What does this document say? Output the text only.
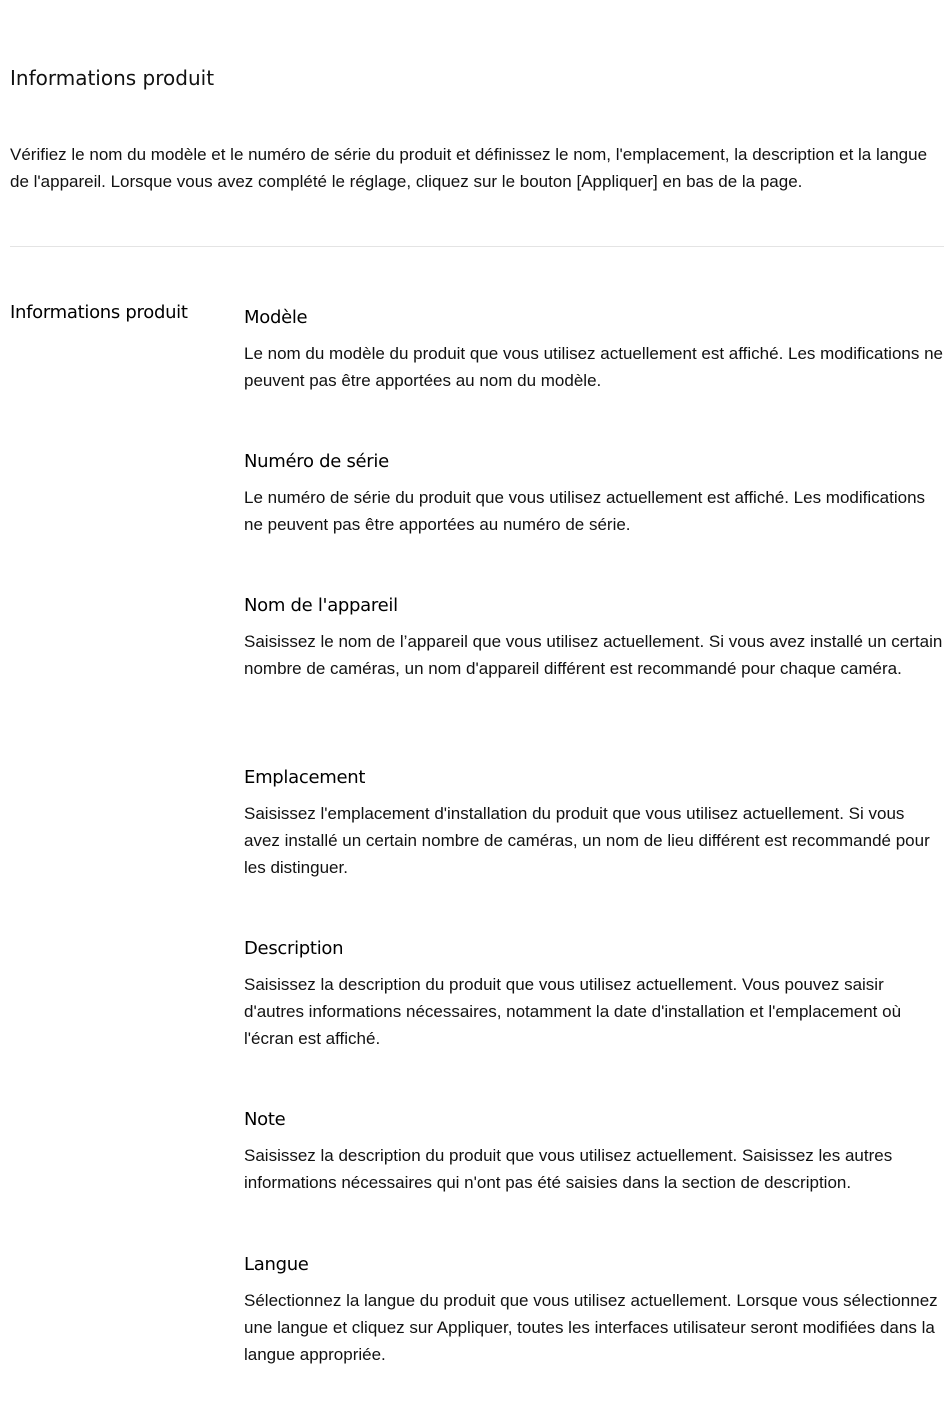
Informations produit

Vérifiez le nom du modèle et le numéro de série du produit et définissez le nom, l'emplacement, la description et la langue de l'appareil. Lorsque vous avez complété le réglage, cliquez sur le bouton [Appliquer] en bas de la page.

Informations produit	Modèle

Le nom du modèle du produit que vous utilisez actuellement est affiché. Les modifications ne peuvent pas être apportées au nom du modèle.

Numéro de série

Le numéro de série du produit que vous utilisez actuellement est affiché. Les modifications ne peuvent pas être apportées au numéro de série.

Nom de l'appareil

Saisissez le nom de l’appareil que vous utilisez actuellement. Si vous avez installé un certain nombre de caméras, un nom d'appareil différent est recommandé pour chaque caméra.

Emplacement

Saisissez l'emplacement d'installation du produit que vous utilisez actuellement. Si vous avez installé un certain nombre de caméras, un nom de lieu différent est recommandé pour les distinguer.

Description

Saisissez la description du produit que vous utilisez actuellement. Vous pouvez saisir d'autres informations nécessaires, notamment la date d'installation et l'emplacement où l'écran est affiché.

Note

Saisissez la description du produit que vous utilisez actuellement. Saisissez les autres informations nécessaires qui n'ont pas été saisies dans la section de description.

Langue

Sélectionnez la langue du produit que vous utilisez actuellement. Lorsque vous sélectionnez une langue et cliquez sur Appliquer, toutes les interfaces utilisateur seront modifiées dans la langue appropriée.
